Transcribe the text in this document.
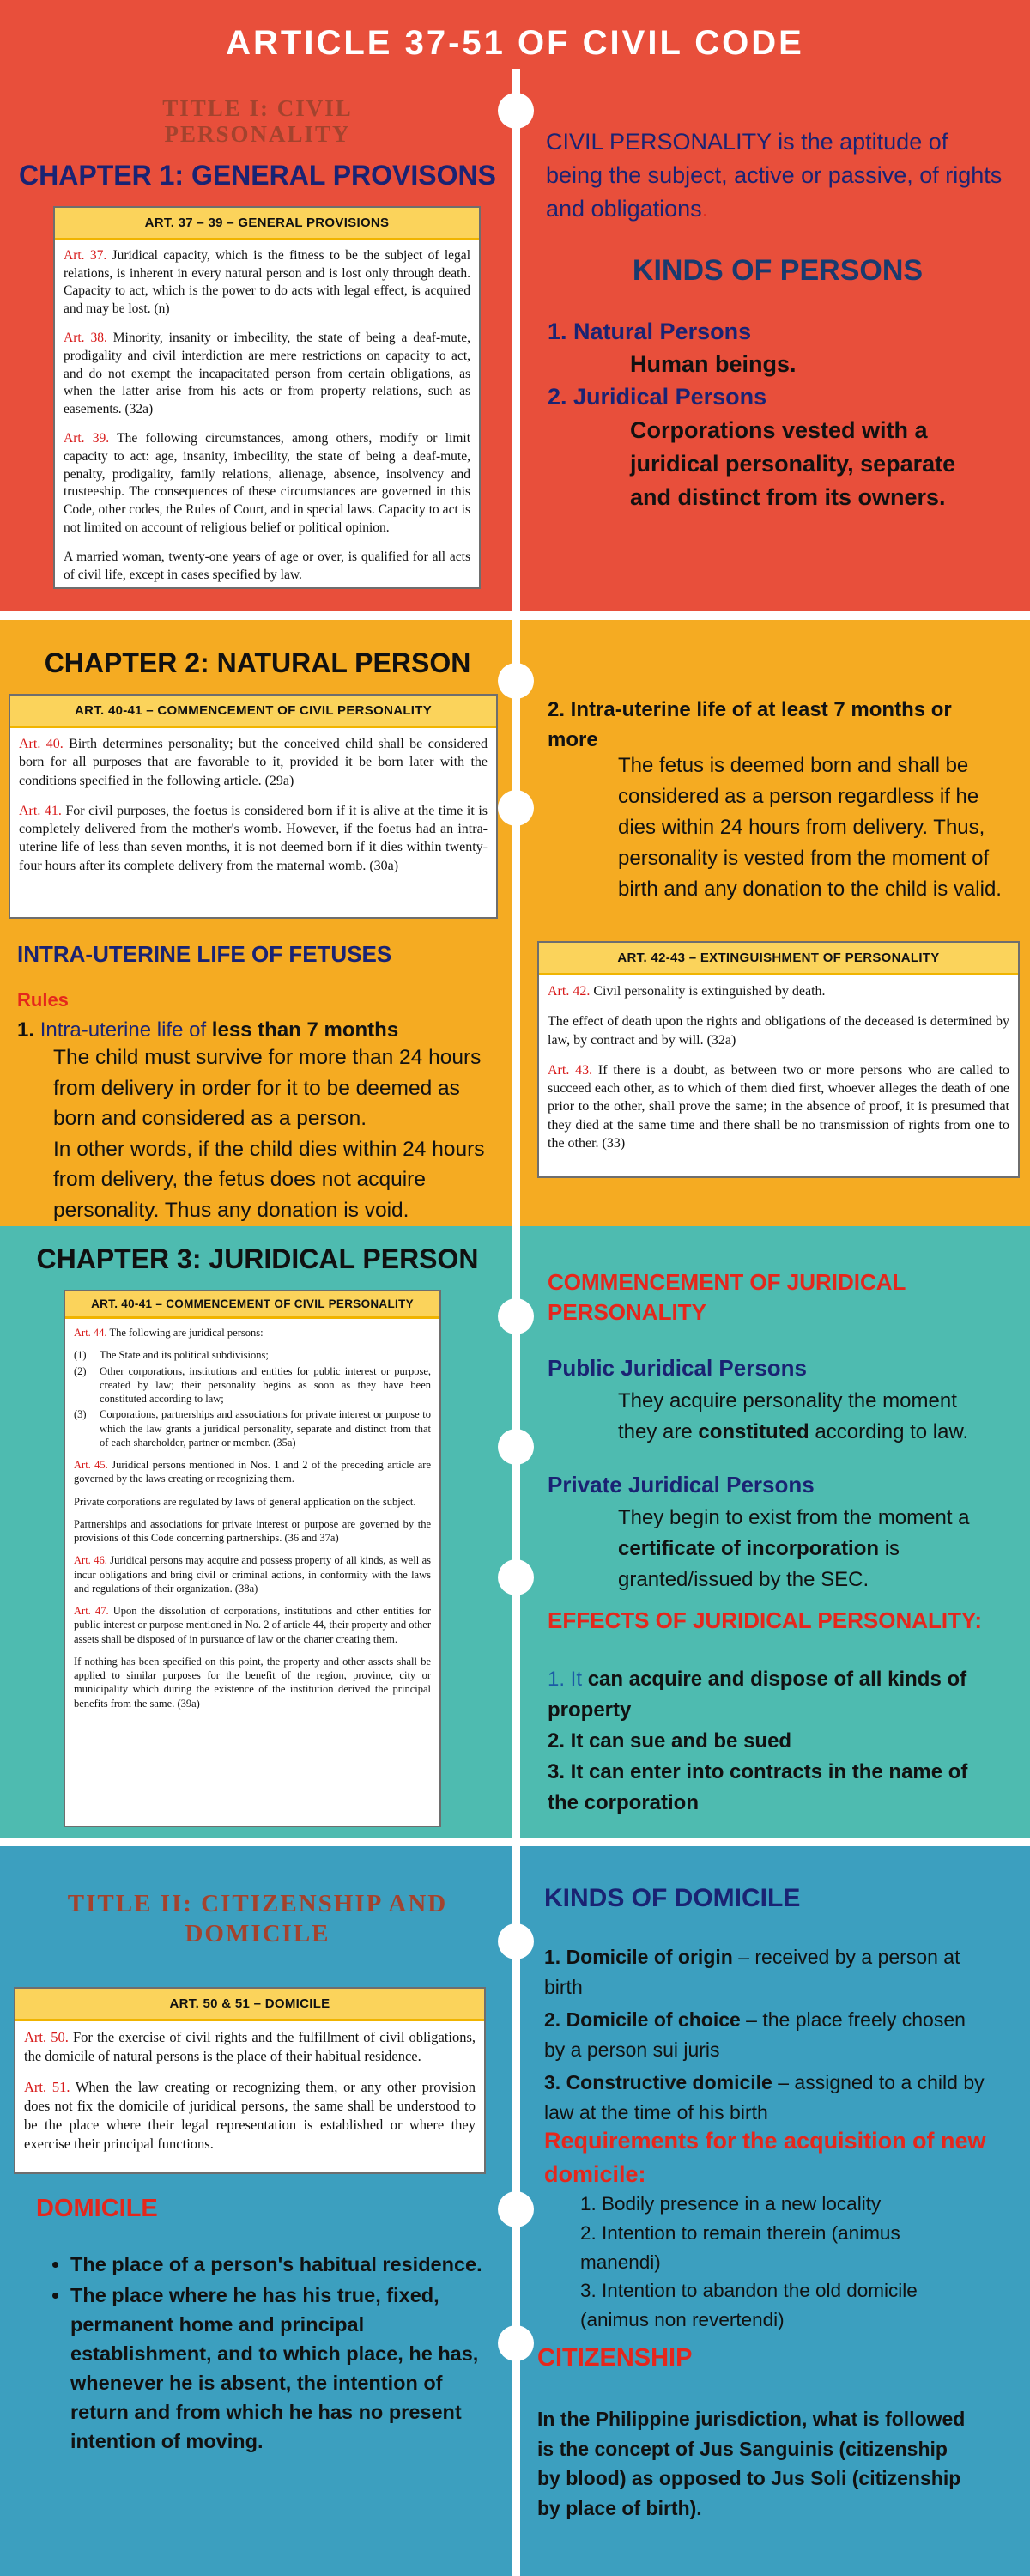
ARTICLE 37-51 OF CIVIL CODE
TITLE I: CIVIL PERSONALITY
CHAPTER 1: GENERAL PROVISONS
ART. 37 – 39 – GENERAL PROVISIONS

Art. 37. Juridical capacity, which is the fitness to be the subject of legal relations, is inherent in every natural person and is lost only through death. Capacity to act, which is the power to do acts with legal effect, is acquired and may be lost. (n)

Art. 38. Minority, insanity or imbecility, the state of being a deaf-mute, prodigality and civil interdiction are mere restrictions on capacity to act, and do not exempt the incapacitated person from certain obligations, as when the latter arise from his acts or from property relations, such as easements. (32a)

Art. 39. The following circumstances, among others, modify or limit capacity to act: age, insanity, imbecility, the state of being a deaf-mute, penalty, prodigality, family relations, alienage, absence, insolvency and trusteeship. The consequences of these circumstances are governed in this Code, other codes, the Rules of Court, and in special laws. Capacity to act is not limited on account of religious belief or political opinion.

A married woman, twenty-one years of age or over, is qualified for all acts of civil life, except in cases specified by law.

CIVIL PERSONALITY is the aptitude of being the subject, active or passive, of rights and obligations.
KINDS OF PERSONS
1. Natural Persons
Human beings.
2. Juridical Persons
Corporations vested with a juridical personality, separate and distinct from its owners.
CHAPTER 2: NATURAL PERSON
ART. 40-41 – COMMENCEMENT OF CIVIL PERSONALITY

Art. 40. Birth determines personality; but the conceived child shall be considered born for all purposes that are favorable to it, provided it be born later with the conditions specified in the following article. (29a)

Art. 41. For civil purposes, the foetus is considered born if it is alive at the time it is completely delivered from the mother's womb. However, if the foetus had an intra-uterine life of less than seven months, it is not deemed born if it dies within twenty-four hours after its complete delivery from the maternal womb. (30a)

INTRA-UTERINE LIFE OF FETUSES
Rules
1. Intra-uterine life of less than 7 months
The child must survive for more than 24 hours from delivery in order for it to be deemed as born and considered as a person.
In other words, if the child dies within 24 hours from delivery, the fetus does not acquire personality. Thus any donation is void.
2. Intra-uterine life of at least 7 months or more
The fetus is deemed born and shall be considered as a person regardless if he dies within 24 hours from delivery. Thus, personality is vested from the moment of birth and any donation to the child is valid.
ART. 42-43 – EXTINGUISHMENT OF PERSONALITY

Art. 42. Civil personality is extinguished by death.

The effect of death upon the rights and obligations of the deceased is determined by law, by contract and by will. (32a)

Art. 43. If there is a doubt, as between two or more persons who are called to succeed each other, as to which of them died first, whoever alleges the death of one prior to the other, shall prove the same; in the absence of proof, it is presumed that they died at the same time and there shall be no transmission of rights from one to the other. (33)

CHAPTER 3: JURIDICAL PERSON
ART. 40-41 – COMMENCEMENT OF CIVIL PERSONALITY

Art. 44. The following are juridical persons:

(1)	The State and its political subdivisions;
(2)	Other corporations, institutions and entities for public interest or purpose, created by law; their personality begins as soon as they have been constituted according to law;
(3)	Corporations, partnerships and associations for private interest or purpose to which the law grants a juridical personality, separate and distinct from that of each shareholder, partner or member. (35a)

Art. 45. Juridical persons mentioned in Nos. 1 and 2 of the preceding article are governed by the laws creating or recognizing them.

Private corporations are regulated by laws of general application on the subject.

Partnerships and associations for private interest or purpose are governed by the provisions of this Code concerning partnerships. (36 and 37a)

Art. 46. Juridical persons may acquire and possess property of all kinds, as well as incur obligations and bring civil or criminal actions, in conformity with the laws and regulations of their organization. (38a)

Art. 47. Upon the dissolution of corporations, institutions and other entities for public interest or purpose mentioned in No. 2 of article 44, their property and other assets shall be disposed of in pursuance of law or the charter creating them.

If nothing has been specified on this point, the property and other assets shall be applied to similar purposes for the benefit of the region, province, city or municipality which during the existence of the institution derived the principal benefits from the same. (39a)

COMMENCEMENT OF JURIDICAL PERSONALITY
Public Juridical Persons
They acquire personality the moment they are constituted according to law.
Private Juridical Persons
They begin to exist from the moment a certificate of incorporation is granted/issued by the SEC.
EFFECTS OF JURIDICAL PERSONALITY:
1. It can acquire and dispose of all kinds of property
2. It can sue and be sued
3. It can enter into contracts in the name of the corporation
TITLE II: CITIZENSHIP AND DOMICILE
ART. 50 & 51 – DOMICILE

Art. 50. For the exercise of civil rights and the fulfillment of civil obligations, the domicile of natural persons is the place of their habitual residence.

Art. 51. When the law creating or recognizing them, or any other provision does not fix the domicile of juridical persons, the same shall be understood to be the place where their legal representation is established or where they exercise their principal functions.

DOMICILE
• The place of a person's habitual residence.
• The place where he has his true, fixed, permanent home and principal establishment, and to which place, he has, whenever he is absent, the intention of return and from which he has no present intention of moving.
KINDS OF DOMICILE
1. Domicile of origin – received by a person at birth
2. Domicile of choice – the place freely chosen by a person sui juris
3. Constructive domicile – assigned to a child by law at the time of his birth
Requirements for the acquisition of new domicile:
1. Bodily presence in a new locality
2. Intention to remain therein (animus manendi)
3. Intention to abandon the old domicile (animus non revertendi)
CITIZENSHIP
In the Philippine jurisdiction, what is followed is the concept of Jus Sanguinis (citizenship by blood) as opposed to Jus Soli (citizenship by place of birth).
